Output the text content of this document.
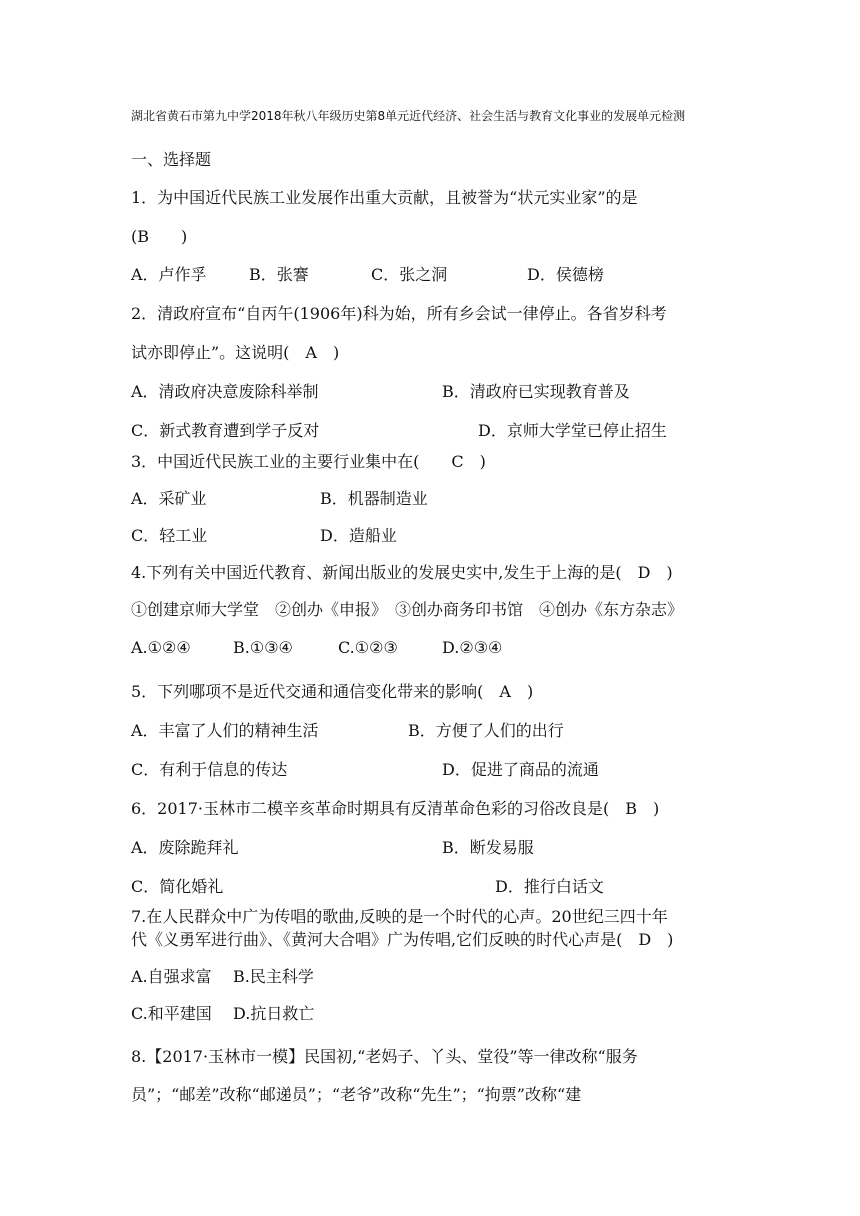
湖北省黄石市第九中学2018年秋八年级历史第8单元近代经济、社会生活与教育文化事业的发展单元检测
一、选择题
1．为中国近代民族工业发展作出重大贡献，且被誉为“状元实业家”的是
(B　　)
A．卢作孚	B．张謇	C．张之洞	D．侯德榜
2．清政府宣布“自丙午(1906年)科为始，所有乡会试一律停止。各省岁科考
试亦即停止”。这说明(　A　)
A．清政府决意废除科举制	B．清政府已实现教育普及
C．新式教育遭到学子反对	D．京师大学堂已停止招生
3．中国近代民族工业的主要行业集中在(　　C　)
A．采矿业	B．机器制造业
C．轻工业	D．造船业
4.下列有关中国近代教育、新闻出版业的发展史实中,发生于上海的是(　D　)
①创建京师大学堂　②创办《申报》　③创办商务印书馆　④创办《东方杂志》
A.①②④	B.①③④	C.①②③	D.②③④
5．下列哪项不是近代交通和通信变化带来的影响(　A　)
A．丰富了人们的精神生活	B．方便了人们的出行
C．有利于信息的传达	D．促进了商品的流通
6．2017·玉林市二模辛亥革命时期具有反清革命色彩的习俗改良是(　B　)
A．废除跪拜礼	B．断发易服
C．简化婚礼	D．推行白话文
7.在人民群众中广为传唱的歌曲,反映的是一个时代的心声。20世纪三四十年
代《义勇军进行曲》、《黄河大合唱》广为传唱,它们反映的时代心声是(　D　)
A.自强求富 B.民主科学
C.和平建国 D.抗日救亡
8.【2017·玉林市一模】民国初,“老妈子、丫头、堂役”等一律改称“服务
员”；“邮差”改称“邮递员”；“老爷”改称“先生”；“拘票”改称“建
